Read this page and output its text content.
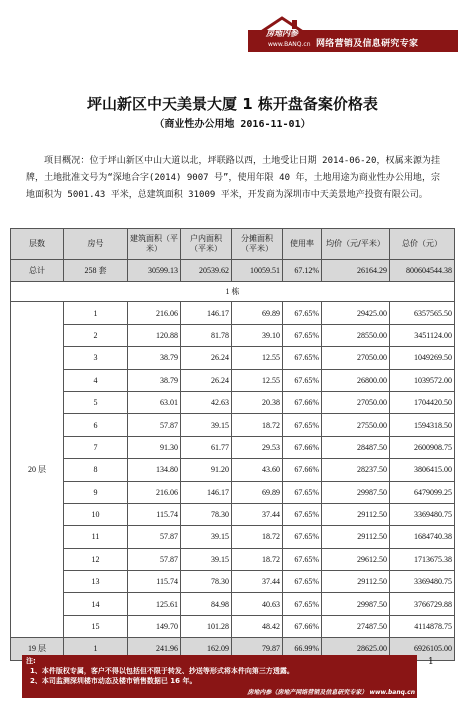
房地内参
www.BANQ.cn 网络营销及信息研究专家
坪山新区中天美景大厦 1 栋开盘备案价格表
（商业性办公用地 2016-11-01）
项目概况：位于坪山新区中山大道以北，坪联路以西，土地受让日期 2014-06-20，权属来源为挂牌，土地批准文号为“深地合字(2014) 9007 号”，使用年限 40 年，土地用途为商业性办公用地，宗地面积为 5001.43 平米，总建筑面积 31009 平米，开发商为深圳市中天美景地产投资有限公司。
层数	房号	建筑面积（平米）	户内面积（平米）	分摊面积（平米）	使用率	均价（元/平米）	总价（元）
总计	258 套	30599.13	20539.62	10059.51	67.12%	26164.29	800604544.38
1 栋							
20 层	1	216.06	146.17	69.89	67.65%	29425.00	6357565.50
	2	120.88	81.78	39.10	67.65%	28550.00	3451124.00
	3	38.79	26.24	12.55	67.65%	27050.00	1049269.50
	4	38.79	26.24	12.55	67.65%	26800.00	1039572.00
	5	63.01	42.63	20.38	67.66%	27050.00	1704420.50
	6	57.87	39.15	18.72	67.65%	27550.00	1594318.50
	7	91.30	61.77	29.53	67.66%	28487.50	2600908.75
	8	134.80	91.20	43.60	67.66%	28237.50	3806415.00
	9	216.06	146.17	69.89	67.65%	29987.50	6479099.25
	10	115.74	78.30	37.44	67.65%	29112.50	3369480.75
	11	57.87	39.15	18.72	67.65%	29112.50	1684740.38
	12	57.87	39.15	18.72	67.65%	29612.50	1713675.38
	13	115.74	78.30	37.44	67.65%	29112.50	3369480.75
	14	125.61	84.98	40.63	67.65%	29987.50	3766729.88
	15	149.70	101.28	48.42	67.66%	27487.50	4114878.75
19 层	1	241.96	162.09	79.87	66.99%	28625.00	6926105.00
注:
1、本件版权专属，客户不得以包括但不限于转发、抄送等形式将本件向第三方透露。
2、本司监测深圳楼市动态及楼市销售数据已 16 年。
房地内参（房地产网络营销及信息研究专家） www.banq.cn
1
